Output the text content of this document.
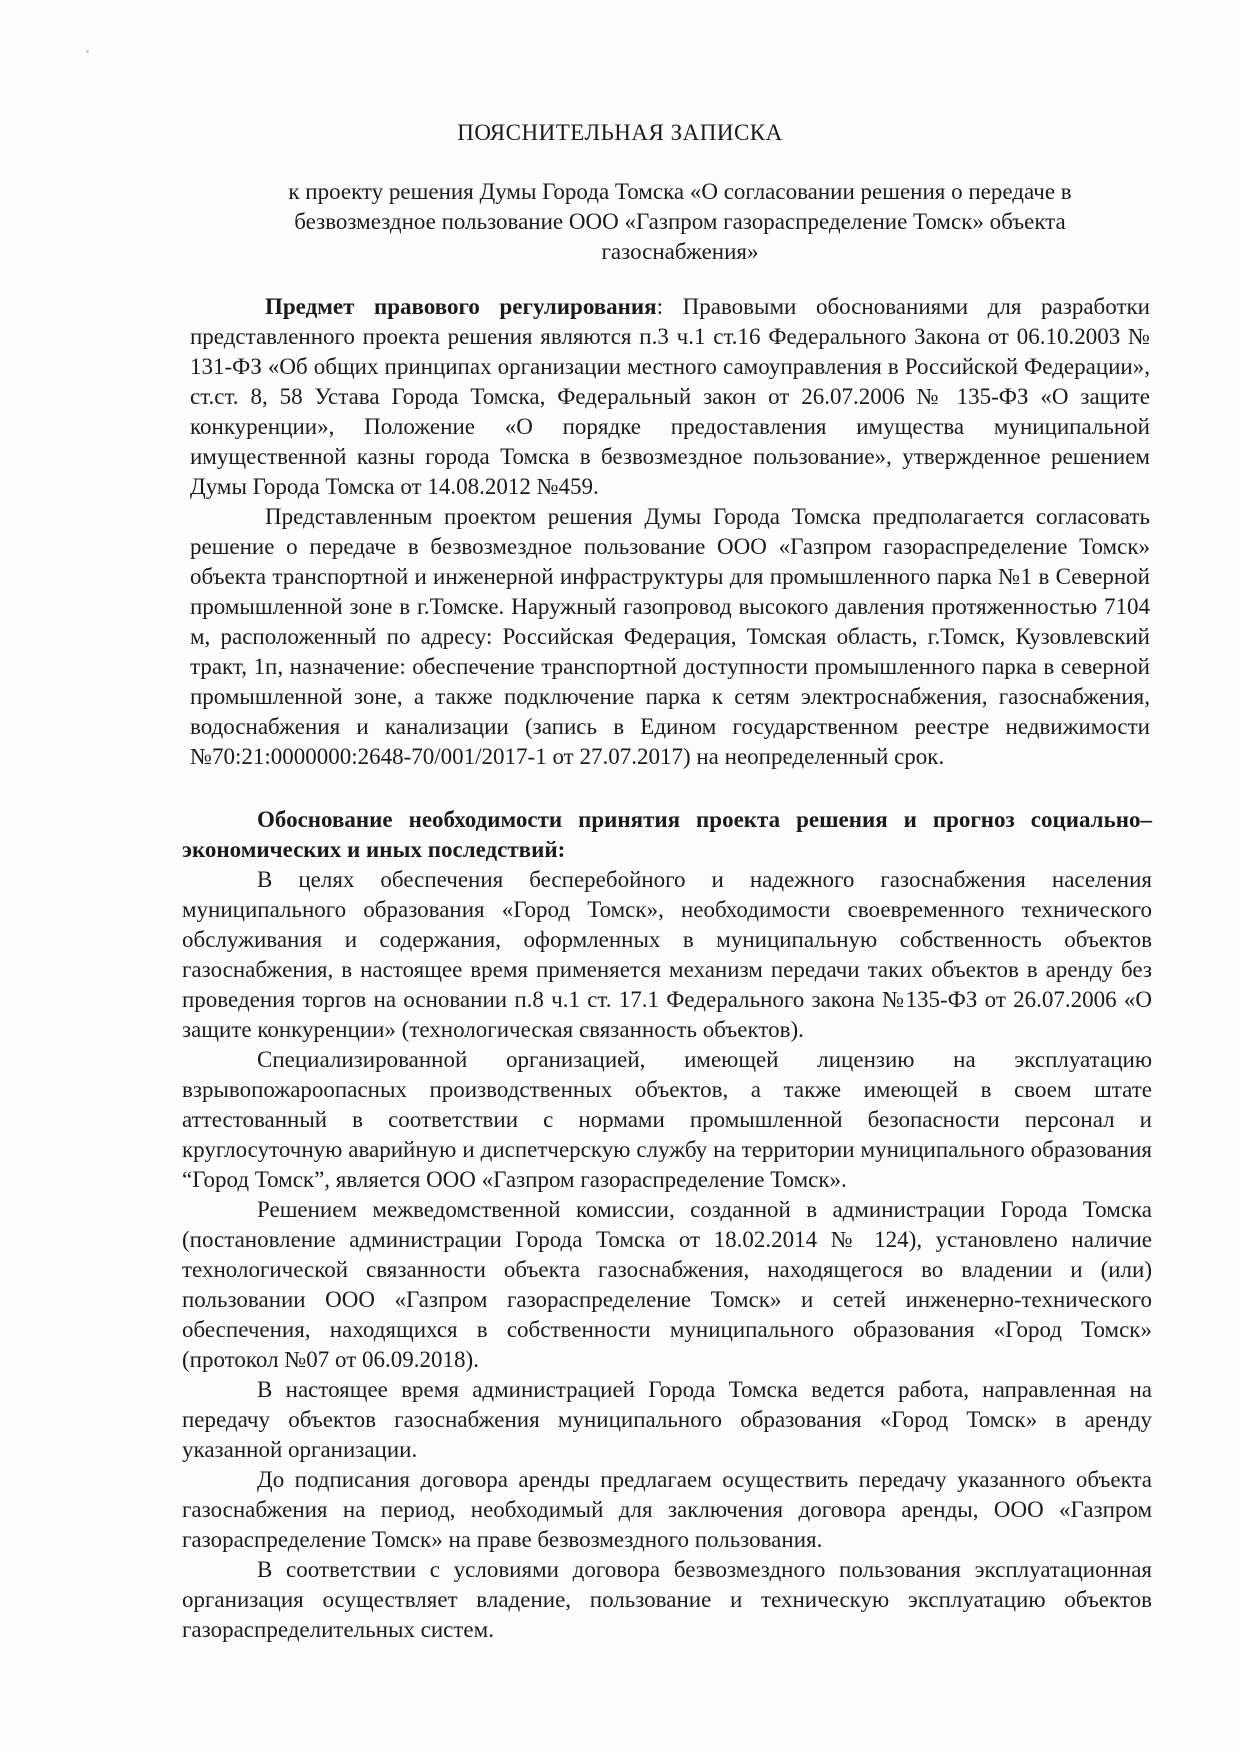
ПОЯСНИТЕЛЬНАЯ ЗАПИСКА
к проекту решения Думы Города Томска «О согласовании решения о передаче в безвозмездное пользование ООО «Газпром газораспределение Томск» объекта газоснабжения»

Предмет правового регулирования: Правовыми обоснованиями для разработки представленного проекта решения являются п.3 ч.1 ст.16 Федерального Закона от 06.10.2003 № 131-ФЗ «Об общих принципах организации местного самоуправления в Российской Федерации», ст.ст. 8, 58 Устава Города Томска, Федеральный закон от 26.07.2006 № 135-ФЗ «О защите конкуренции», Положение «О порядке предоставления имущества муниципальной имущественной казны города Томска в безвозмездное пользование», утвержденное решением Думы Города Томска от 14.08.2012 №459.

Представленным проектом решения Думы Города Томска предполагается согласовать решение о передаче в безвозмездное пользование ООО «Газпром газораспределение Томск» объекта транспортной и инженерной инфраструктуры для промышленного парка №1 в Северной промышленной зоне в г.Томске. Наружный газопровод высокого давления протяженностью 7104 м, расположенный по адресу: Российская Федерация, Томская область, г.Томск, Кузовлевский тракт, 1п, назначение: обеспечение транспортной доступности промышленного парка в северной промышленной зоне, а также подключение парка к сетям электроснабжения, газоснабжения, водоснабжения и канализации (запись в Едином государственном реестре недвижимости №70:21:0000000:2648-70/001/2017-1 от 27.07.2017) на неопределенный срок.

Обоснование необходимости принятия проекта решения и прогноз социально–экономических и иных последствий:

В целях обеспечения бесперебойного и надежного газоснабжения населения муниципального образования «Город Томск», необходимости своевременного технического обслуживания и содержания, оформленных в муниципальную собственность объектов газоснабжения, в настоящее время применяется механизм передачи таких объектов в аренду без проведения торгов на основании п.8 ч.1 ст. 17.1 Федерального закона №135-ФЗ от 26.07.2006 «О защите конкуренции» (технологическая связанность объектов).

Специализированной организацией, имеющей лицензию на эксплуатацию взрывопожароопасных производственных объектов, а также имеющей в своем штате аттестованный в соответствии с нормами промышленной безопасности персонал и круглосуточную аварийную и диспетчерскую службу на территории муниципального образования “Город Томск”, является ООО «Газпром газораспределение Томск».

Решением межведомственной комиссии, созданной в администрации Города Томска (постановление администрации Города Томска от 18.02.2014 № 124), установлено наличие технологической связанности объекта газоснабжения, находящегося во владении и (или) пользовании ООО «Газпром газораспределение Томск» и сетей инженерно-технического обеспечения, находящихся в собственности муниципального образования «Город Томск» (протокол №07 от 06.09.2018).

В настоящее время администрацией Города Томска ведется работа, направленная на передачу объектов газоснабжения муниципального образования «Город Томск» в аренду указанной организации.

До подписания договора аренды предлагаем осуществить передачу указанного объекта газоснабжения на период, необходимый для заключения договора аренды, ООО «Газпром газораспределение Томск» на праве безвозмездного пользования.

В соответствии с условиями договора безвозмездного пользования эксплуатационная организация осуществляет владение, пользование и техническую эксплуатацию объектов газораспределительных систем.
